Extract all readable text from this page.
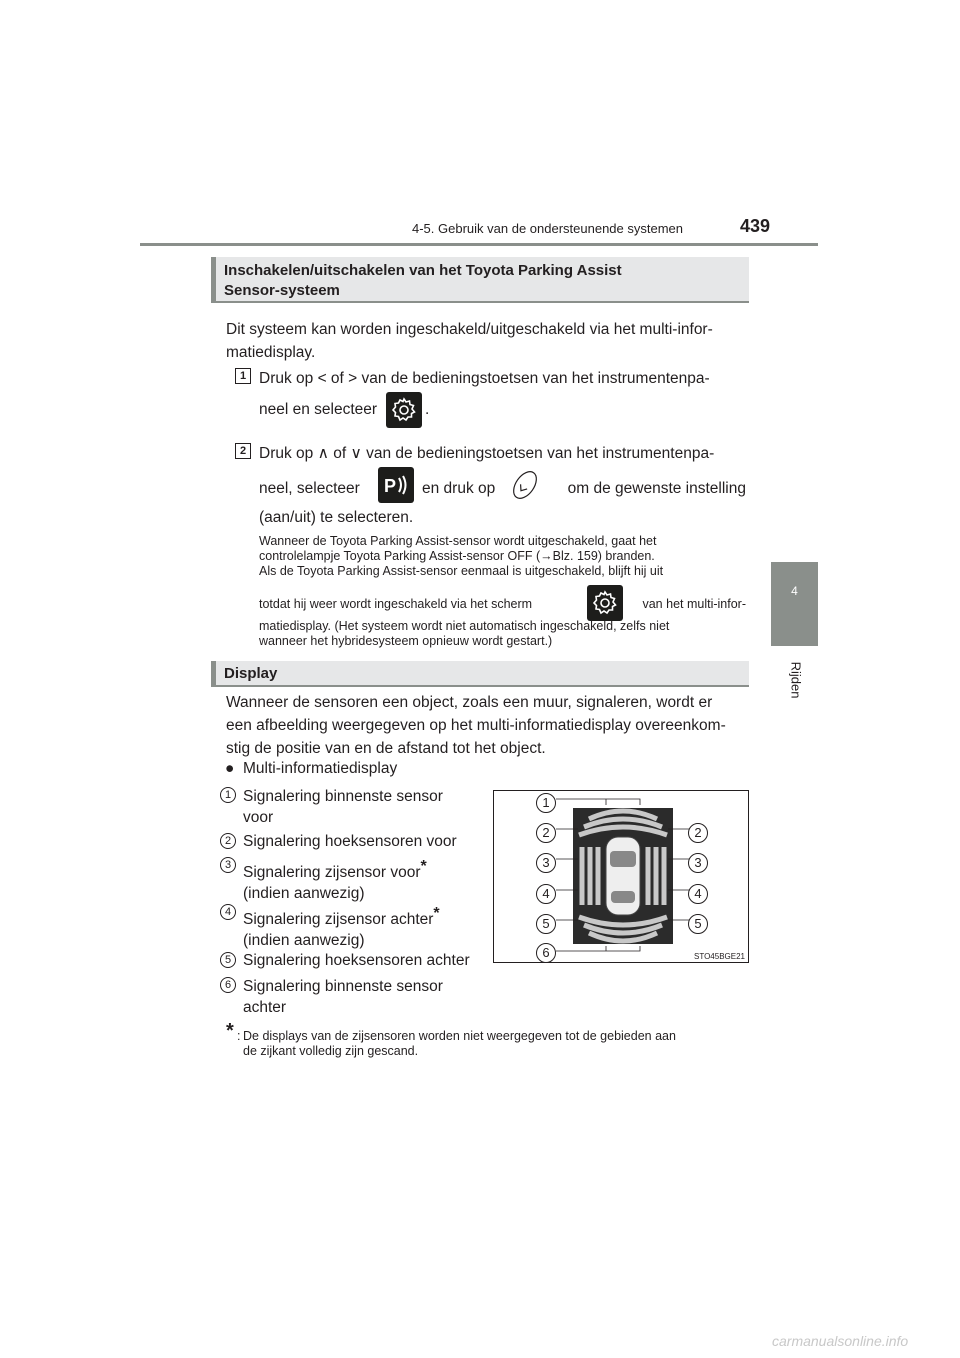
4-5. Gebruik van de ondersteunende systemen	439
4
Rijden
Inschakelen/uitschakelen van het Toyota Parking Assist
Sensor-systeem
Dit systeem kan worden ingeschakeld/uitgeschakeld via het multi-infor-
matiedisplay.
1 Druk op < of > van de bedieningstoetsen van het instrumentenpa-
neel en selecteer	.
2 Druk op ∧ of ∨ van de bedieningstoetsen van het instrumentenpa-
neel, selecteer P en druk op	om de gewenste instelling
(aan/uit) te selecteren.
Wanneer de Toyota Parking Assist-sensor wordt uitgeschakeld, gaat het
controlelampje Toyota Parking Assist-sensor OFF (→Blz. 159) branden.
Als de Toyota Parking Assist-sensor eenmaal is uitgeschakeld, blijft hij uit
totdat hij weer wordt ingeschakeld via het scherm	van het multi-infor-
matiedisplay. (Het systeem wordt niet automatisch ingeschakeld, zelfs niet
wanneer het hybridesysteem opnieuw wordt gestart.)
Display
Wanneer de sensoren een object, zoals een muur, signaleren, wordt er
een afbeelding weergegeven op het multi-informatiedisplay overeenkom-
stig de positie van en de afstand tot het object.
● Multi-informatiedisplay
1 Signalering binnenste sensor
voor
2 Signalering hoeksensoren voor
3 Signalering zijsensor voor*
(indien aanwezig)
4 Signalering zijsensor achter*
(indien aanwezig)
5 Signalering hoeksensoren achter
6 Signalering binnenste sensor
achter
1
2	2
3	3
4	4
5	5
6	STO45BGE21
* : De displays van de zijsensoren worden niet weergegeven tot de gebieden aan
de zijkant volledig zijn gescand.
carmanualsonline.info
